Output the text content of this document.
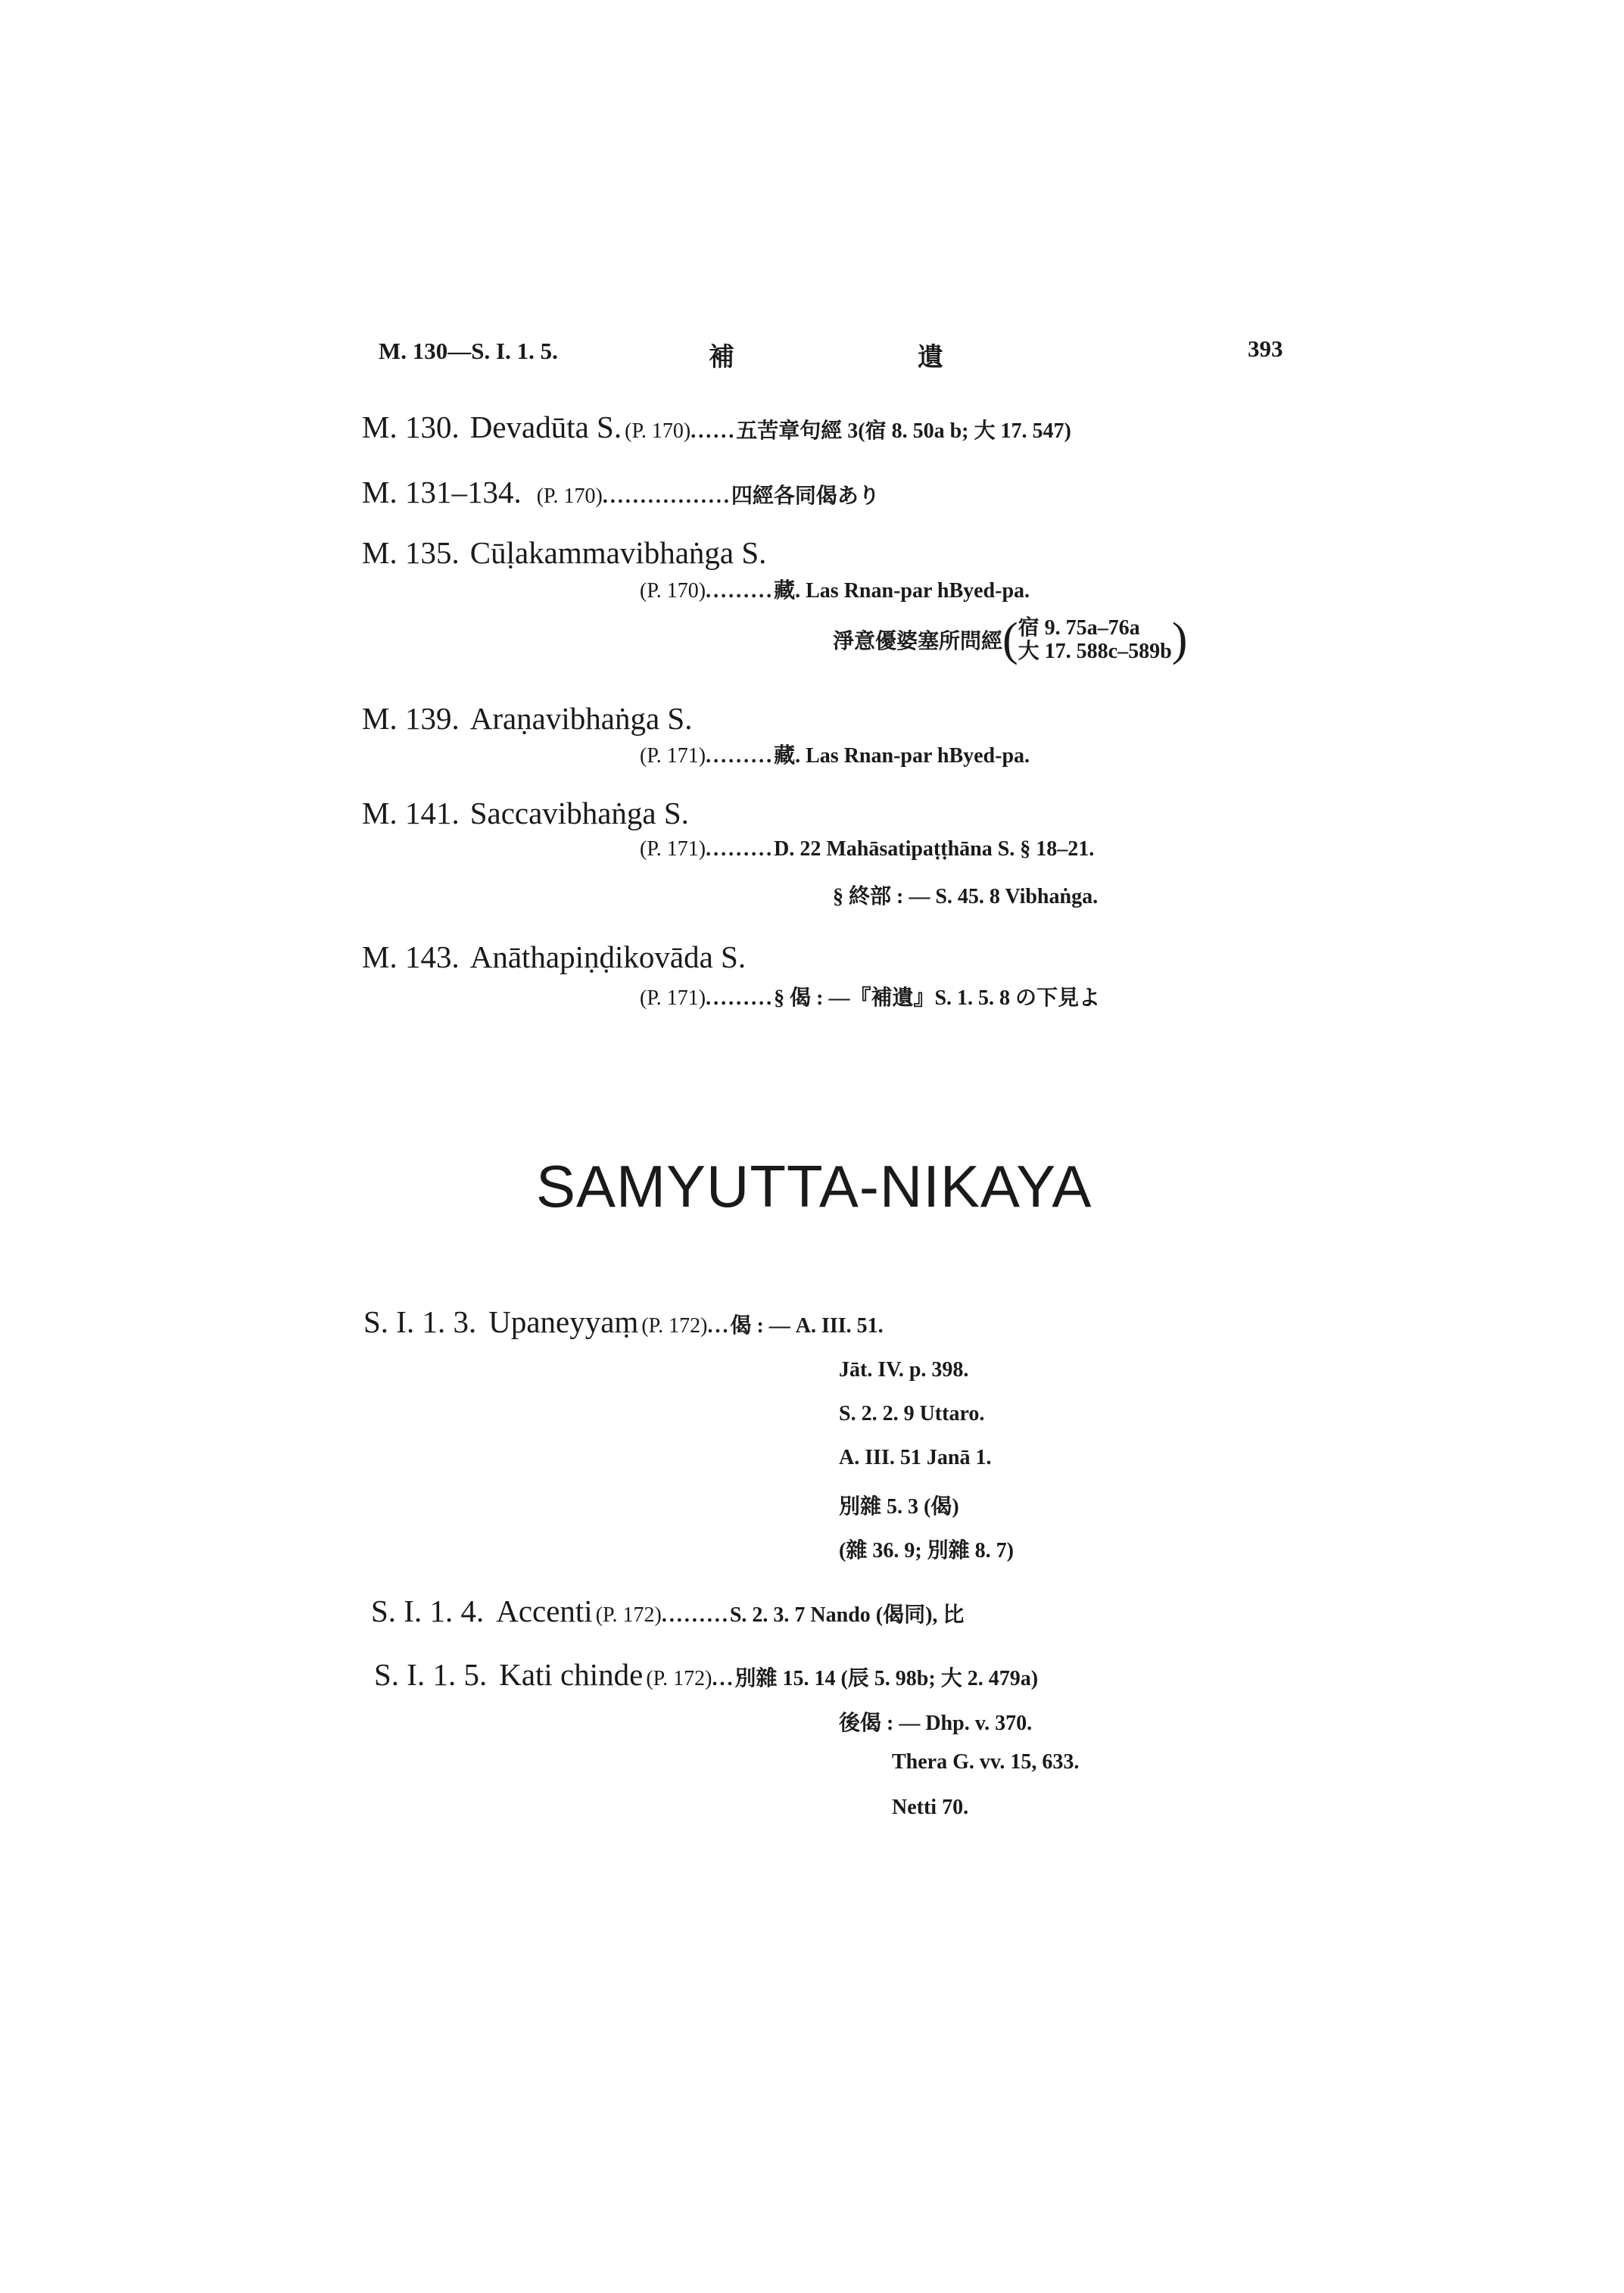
M. 130—S. I. 1. 5.	補	遺	393
M. 130. Devadūta S. (P. 170)......五苦章句經 3(宿 8. 50a b; 大 17. 547)
M. 131–134. (P. 170).................四經各同偈あり
M. 135. Cūḷakammavibhaṅga S.
(P. 170).........藏. Las Rnan-par hByed-pa.
淨意優婆塞所問經( 宿 9. 75a–76a
大 17. 588c–589b )
M. 139. Araṇavibhaṅga S.
(P. 171).........藏. Las Rnan-par hByed-pa.
M. 141. Saccavibhaṅga S.
(P. 171).........D. 22 Mahāsatipaṭṭhāna S. § 18–21.
§ 終部 : — S. 45. 8 Vibhaṅga.
M. 143. Anāthapiṇḍikovāda S.
(P. 171).........§ 偈 : —『補遺』S. 1. 5. 8 の下見よ
SAMYUTTA-NIKAYA
S. I. 1. 3. Upaneyyaṃ (P. 172)...偈 : — A. III. 51.
Jāt. IV. p. 398.
S. 2. 2. 9 Uttaro.
A. III. 51 Janā 1.
別雜 5. 3 (偈)
(雜 36. 9; 別雜 8. 7)
S. I. 1. 4. Accenti (P. 172).........S. 2. 3. 7 Nando (偈同), 比
S. I. 1. 5. Kati chinde (P. 172)...別雜 15. 14 (辰 5. 98b; 大 2. 479a)
後偈 : — Dhp. v. 370.
Thera G. vv. 15, 633.
Netti 70.
